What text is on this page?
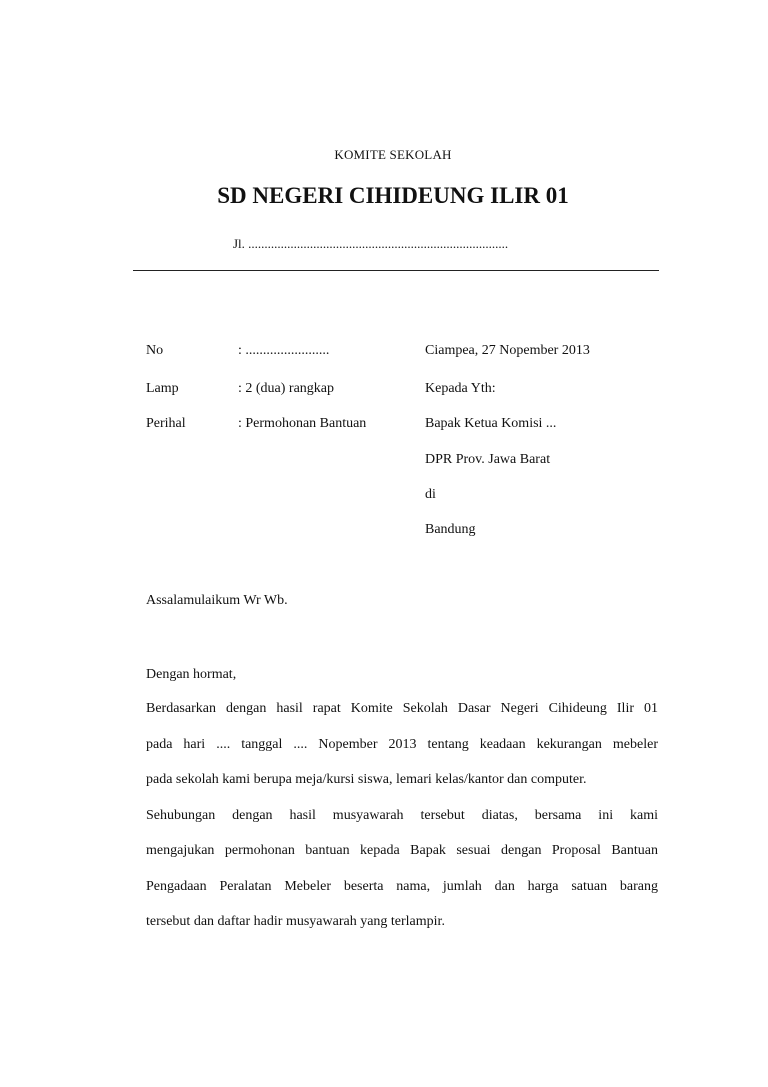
KOMITE SEKOLAH
SD NEGERI CIHIDEUNG ILIR 01
Jl. ................................................................................
No	: ........................
Lamp	: 2 (dua) rangkap
Perihal	: Permohonan Bantuan
Ciampea, 27 Nopember 2013
Kepada Yth:
Bapak Ketua Komisi ...
DPR Prov. Jawa Barat
di
Bandung
Assalamulaikum Wr Wb.
Dengan hormat,
Berdasarkan dengan hasil rapat Komite Sekolah Dasar Negeri Cihideung Ilir 01
pada hari .... tanggal .... Nopember 2013 tentang keadaan kekurangan mebeler
pada sekolah kami berupa meja/kursi siswa, lemari kelas/kantor dan computer.
Sehubungan dengan hasil musyawarah tersebut diatas, bersama ini kami
mengajukan permohonan bantuan kepada Bapak sesuai dengan Proposal Bantuan
Pengadaan Peralatan Mebeler beserta nama, jumlah dan harga satuan barang
tersebut dan daftar hadir musyawarah yang terlampir.
